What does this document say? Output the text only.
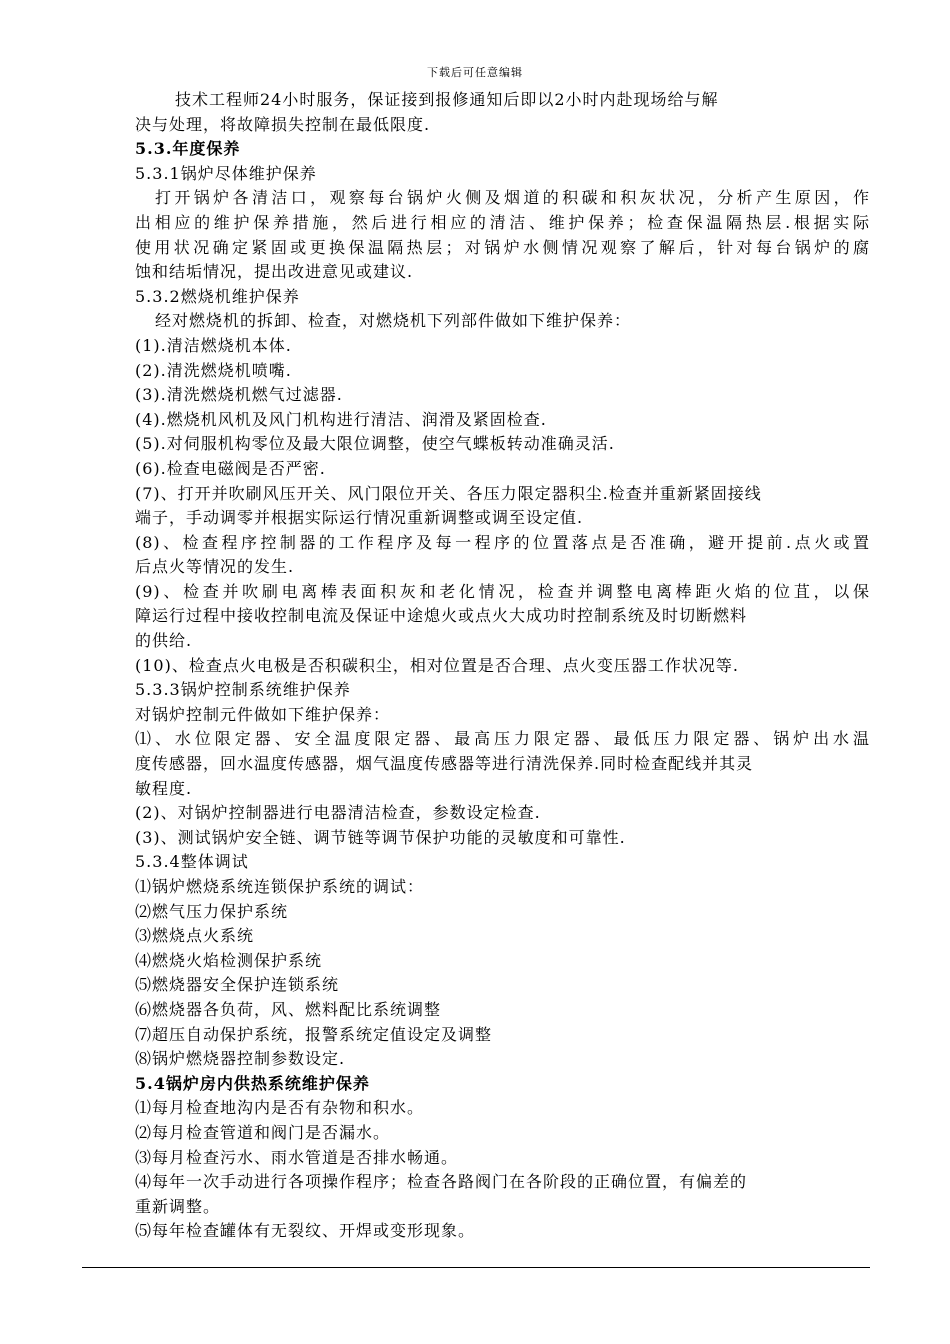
下载后可任意编辑
技术工程师24小时服务，保证接到报修通知后即以2小时内赴现场给与解
决与处理，将故障损失控制在最低限度.
5.3.年度保养
5.3.1锅炉尽体维护保养
打开锅炉各清洁口，观察每台锅炉火侧及烟道的积碳和积灰状况，分析产生原因，作
出相应的维护保养措施，然后进行相应的清洁、维护保养；检查保温隔热层.根据实际
使用状况确定紧固或更换保温隔热层；对锅炉水侧情况观察了解后，针对每台锅炉的腐
蚀和结垢情况，提出改进意见或建议.
5.3.2燃烧机维护保养
经对燃烧机的拆卸、检查，对燃烧机下列部件做如下维护保养：
(1).清洁燃烧机本体.
(2).清洗燃烧机喷嘴.
(3).清洗燃烧机燃气过滤器.
(4).燃烧机风机及风门机构进行清洁、润滑及紧固检查.
(5).对伺服机构零位及最大限位调整，使空气蝶板转动准确灵活.
(6).检查电磁阀是否严密.
(7)、打开并吹刷风压开关、风门限位开关、各压力限定器积尘.检查并重新紧固接线
端子，手动调零并根据实际运行情况重新调整或调至设定值.
(8)、检查程序控制器的工作程序及每一程序的位置落点是否准确，避开提前.点火或置
后点火等情况的发生.
(9)、检查并吹刷电离棒表面积灰和老化情况，检查并调整电离棒距火焰的位苴，以保
障运行过程中接收控制电流及保证中途熄火或点火大成功时控制系统及时切断燃料
的供给.
(10)、检查点火电极是否积碳积尘，相对位置是否合理、点火变压器工作状况等.
5.3.3锅炉控制系统维护保养
对锅炉控制元件做如下维护保养：
⑴、水位限定器、安全温度限定器、最高压力限定器、最低压力限定器、锅炉出水温
度传感器，回水温度传感器，烟气温度传感器等进行清洗保养.同时检查配线并其灵
敏程度.
(2)、对锅炉控制器进行电器清洁检查，参数设定检查.
(3)、测试锅炉安全链、调节链等调节保护功能的灵敏度和可靠性.
5.3.4整体调试
⑴锅炉燃烧系统连锁保护系统的调试：
⑵燃气压力保护系统
⑶燃烧点火系统
⑷燃烧火焰检测保护系统
⑸燃烧器安全保护连锁系统
⑹燃烧器各负荷，风、燃料配比系统调整
⑺超压自动保护系统，报警系统定值设定及调整
⑻锅炉燃烧器控制参数设定.
5.4锅炉房内供热系统维护保养
⑴每月检查地沟内是否有杂物和积水。
⑵每月检查管道和阀门是否漏水。
⑶每月检查污水、雨水管道是否排水畅通。
⑷每年一次手动进行各项操作程序；检查各路阀门在各阶段的正确位置，有偏差的
重新调整。
⑸每年检查罐体有无裂纹、开焊或变形现象。
